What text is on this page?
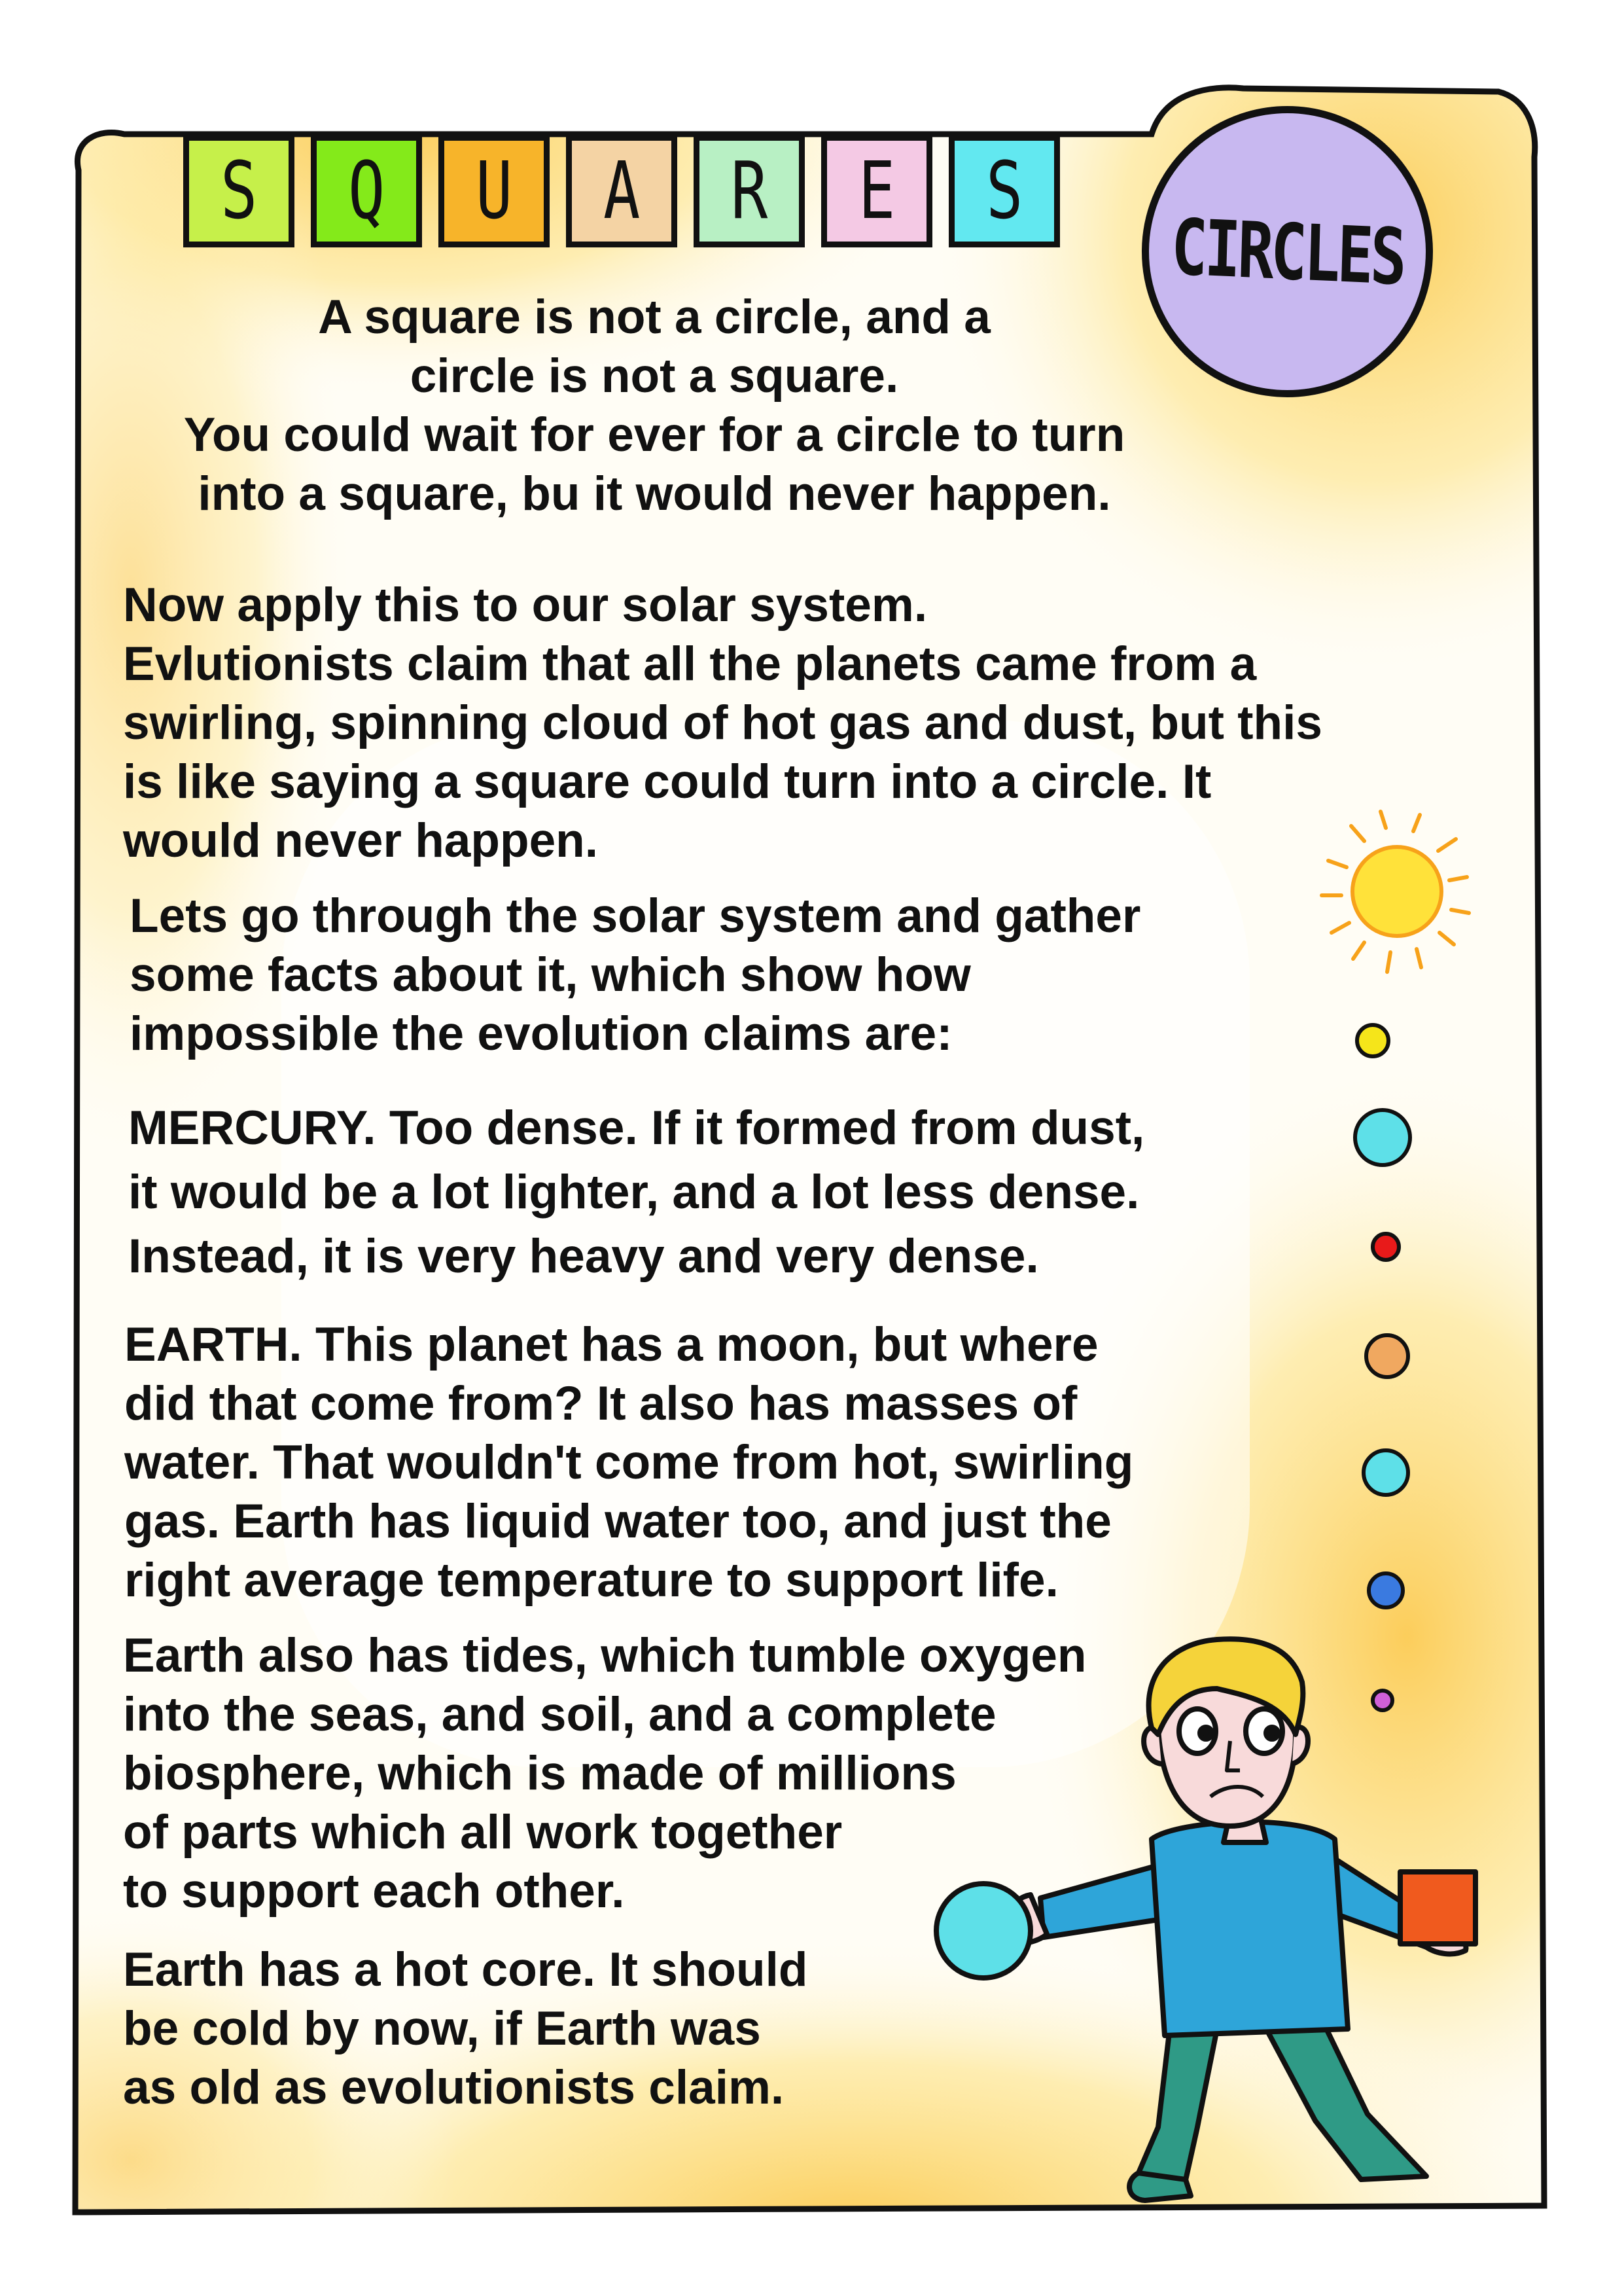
S Q U A R E S
CIRCLES
A square is not a circle, and a
circle is not a square.
You could wait for ever for a circle to turn
into a square, bu it would never happen.
Now apply this to our solar system.
Evlutionists claim that all the planets came from a
swirling, spinning cloud of hot gas and dust, but this
is like saying a square could turn into a circle. It
would never happen.
Lets go through the solar system and gather
some facts about it, which show how
impossible the evolution claims are:
MERCURY. Too dense. If it formed from dust,
it would be a lot lighter, and a lot less dense.
Instead, it is very heavy and very dense.
EARTH. This planet has a moon, but where
did that come from? It also has masses of
water. That wouldn't come from hot, swirling
gas. Earth has liquid water too, and just the
right average temperature to support life.
Earth also has tides, which tumble oxygen
into the seas, and soil, and a complete
biosphere, which is made of millions
of parts which all work together
to support each other.
Earth has a hot core. It should
be cold by now, if Earth was
as old as evolutionists claim.
